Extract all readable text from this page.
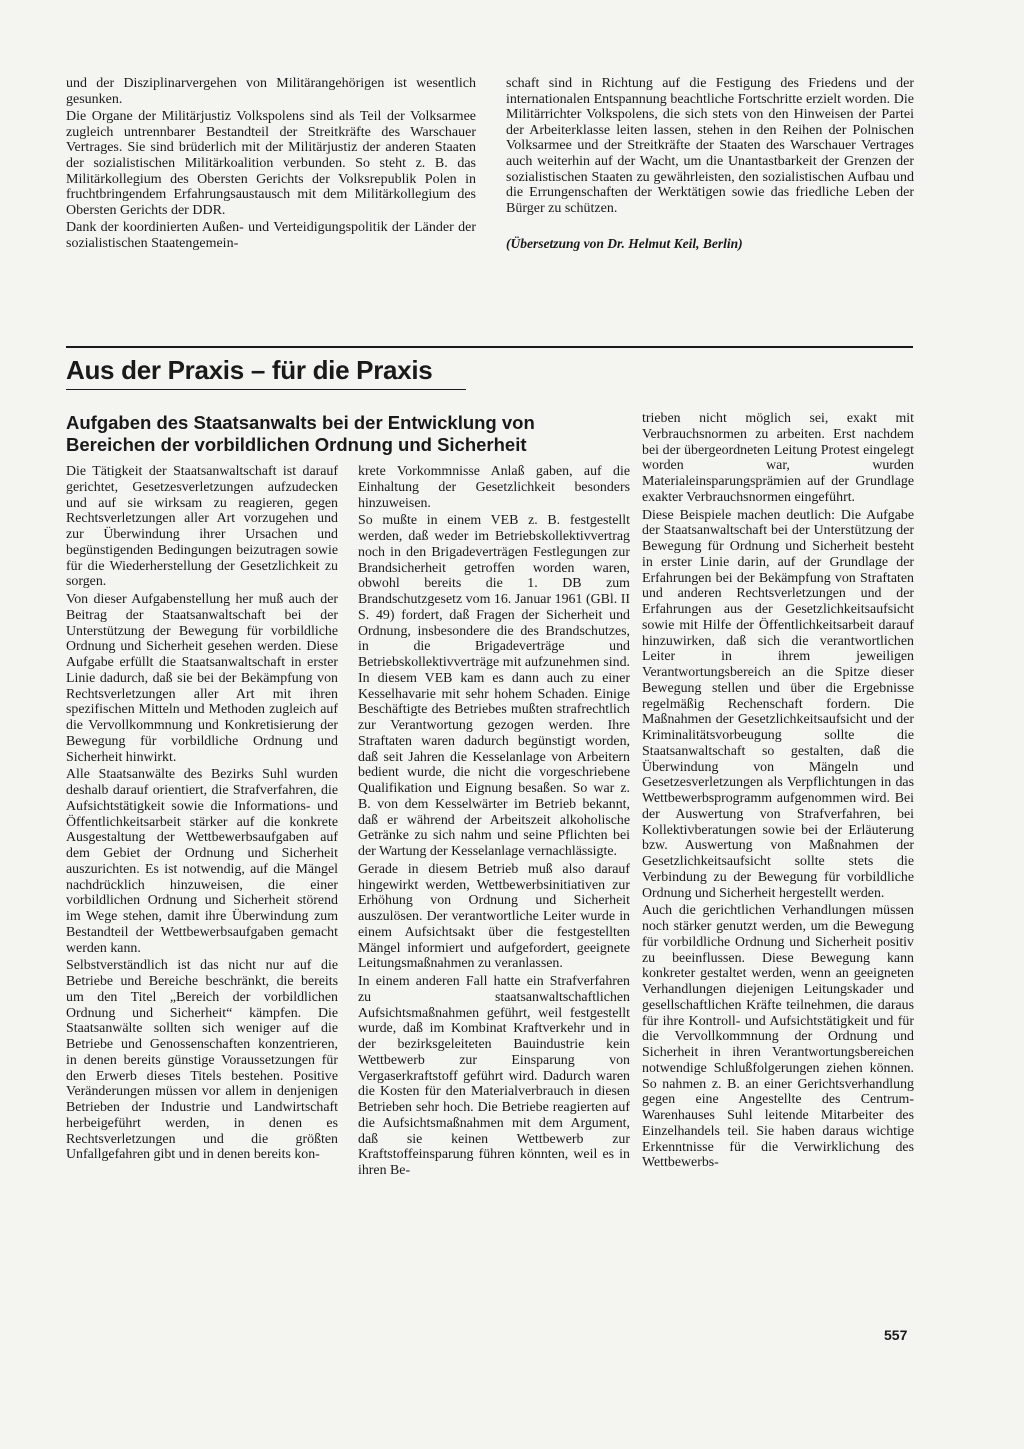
und der Disziplinarvergehen von Militärangehörigen ist wesentlich gesunken.

Die Organe der Militärjustiz Volkspolens sind als Teil der Volksarmee zugleich untrennbarer Bestandteil der Streitkräfte des Warschauer Vertrages. Sie sind brüderlich mit der Militärjustiz der anderen Staaten der sozialistischen Militärkoalition verbunden. So steht z. B. das Militärkollegium des Obersten Gerichts der Volksrepublik Polen in fruchtbringendem Erfahrungsaustausch mit dem Militärkollegium des Obersten Gerichts der DDR.

Dank der koordinierten Außen- und Verteidigungspolitik der Länder der sozialistischen Staatengemein-

schaft sind in Richtung auf die Festigung des Friedens und der internationalen Entspannung beachtliche Fortschritte erzielt worden. Die Militärrichter Volkspolens, die sich stets von den Hinweisen der Partei der Arbeiterklasse leiten lassen, stehen in den Reihen der Polnischen Volksarmee und der Streitkräfte der Staaten des Warschauer Vertrages auch weiterhin auf der Wacht, um die Unantastbarkeit der Grenzen der sozialistischen Staaten zu gewährleisten, den sozialistischen Aufbau und die Errungenschaften der Werktätigen sowie das friedliche Leben der Bürger zu schützen.

(Übersetzung von Dr. Helmut Keil, Berlin)

Aus der Praxis – für die Praxis
Aufgaben des Staatsanwalts bei der Entwicklung von Bereichen der vorbildlichen Ordnung und Sicherheit

Die Tätigkeit der Staatsanwaltschaft ist darauf gerichtet, Gesetzesverletzungen aufzudecken und auf sie wirksam zu reagieren, gegen Rechtsverletzungen aller Art vorzugehen und zur Überwindung ihrer Ursachen und begünstigenden Bedingungen beizutragen sowie für die Wiederherstellung der Gesetzlichkeit zu sorgen.

Von dieser Aufgabenstellung her muß auch der Beitrag der Staatsanwaltschaft bei der Unterstützung der Bewegung für vorbildliche Ordnung und Sicherheit gesehen werden. Diese Aufgabe erfüllt die Staatsanwaltschaft in erster Linie dadurch, daß sie bei der Bekämpfung von Rechtsverletzungen aller Art mit ihren spezifischen Mitteln und Methoden zugleich auf die Vervollkommnung und Konkretisierung der Bewegung für vorbildliche Ordnung und Sicherheit hinwirkt.

Alle Staatsanwälte des Bezirks Suhl wurden deshalb darauf orientiert, die Strafverfahren, die Aufsichtstätigkeit sowie die Informations- und Öffentlichkeitsarbeit stärker auf die konkrete Ausgestaltung der Wettbewerbsaufgaben auf dem Gebiet der Ordnung und Sicherheit auszurichten. Es ist notwendig, auf die Mängel nachdrücklich hinzuweisen, die einer vorbildlichen Ordnung und Sicherheit störend im Wege stehen, damit ihre Überwindung zum Bestandteil der Wettbewerbsaufgaben gemacht werden kann.

Selbstverständlich ist das nicht nur auf die Betriebe und Bereiche beschränkt, die bereits um den Titel „Bereich der vorbildlichen Ordnung und Sicherheit“ kämpfen. Die Staatsanwälte sollten sich weniger auf die Betriebe und Genossenschaften konzentrieren, in denen bereits günstige Voraussetzungen für den Erwerb dieses Titels bestehen. Positive Veränderungen müssen vor allem in denjenigen Betrieben der Industrie und Landwirtschaft herbeigeführt werden, in denen es Rechtsverletzungen und die größten Unfallgefahren gibt und in denen bereits kon-

krete Vorkommnisse Anlaß gaben, auf die Einhaltung der Gesetzlichkeit besonders hinzuweisen.

So mußte in einem VEB z. B. festgestellt werden, daß weder im Betriebskollektivvertrag noch in den Brigadeverträgen Festlegungen zur Brandsicherheit getroffen worden waren, obwohl bereits die 1. DB zum Brandschutzgesetz vom 16. Januar 1961 (GBl. II S. 49) fordert, daß Fragen der Sicherheit und Ordnung, insbesondere die des Brandschutzes, in die Brigadeverträge und Betriebskollektivverträge mit aufzunehmen sind. In diesem VEB kam es dann auch zu einer Kesselhavarie mit sehr hohem Schaden. Einige Beschäftigte des Betriebes mußten strafrechtlich zur Verantwortung gezogen werden. Ihre Straftaten waren dadurch begünstigt worden, daß seit Jahren die Kesselanlage von Arbeitern bedient wurde, die nicht die vorgeschriebene Qualifikation und Eignung besaßen. So war z. B. von dem Kesselwärter im Betrieb bekannt, daß er während der Arbeitszeit alkoholische Getränke zu sich nahm und seine Pflichten bei der Wartung der Kesselanlage vernachlässigte.

Gerade in diesem Betrieb muß also darauf hingewirkt werden, Wettbewerbsinitiativen zur Erhöhung von Ordnung und Sicherheit auszulösen. Der verantwortliche Leiter wurde in einem Aufsichtsakt über die festgestellten Mängel informiert und aufgefordert, geeignete Leitungsmaßnahmen zu veranlassen.

In einem anderen Fall hatte ein Strafverfahren zu staatsanwaltschaftlichen Aufsichtsmaßnahmen geführt, weil festgestellt wurde, daß im Kombinat Kraftverkehr und in der bezirksgeleiteten Bauindustrie kein Wettbewerb zur Einsparung von Vergaserkraftstoff geführt wird. Dadurch waren die Kosten für den Materialverbrauch in diesen Betrieben sehr hoch. Die Betriebe reagierten auf die Aufsichtsmaßnahmen mit dem Argument, daß sie keinen Wettbewerb zur Kraftstoffeinsparung führen könnten, weil es in ihren Be-

trieben nicht möglich sei, exakt mit Verbrauchsnormen zu arbeiten. Erst nachdem bei der übergeordneten Leitung Protest eingelegt worden war, wurden Materialeinsparungsprämien auf der Grundlage exakter Verbrauchsnormen eingeführt.

Diese Beispiele machen deutlich: Die Aufgabe der Staatsanwaltschaft bei der Unterstützung der Bewegung für Ordnung und Sicherheit besteht in erster Linie darin, auf der Grundlage der Erfahrungen bei der Bekämpfung von Straftaten und anderen Rechtsverletzungen und der Erfahrungen aus der Gesetzlichkeitsaufsicht sowie mit Hilfe der Öffentlichkeitsarbeit darauf hinzuwirken, daß sich die verantwortlichen Leiter in ihrem jeweiligen Verantwortungsbereich an die Spitze dieser Bewegung stellen und über die Ergebnisse regelmäßig Rechenschaft fordern. Die Maßnahmen der Gesetzlichkeitsaufsicht und der Kriminalitätsvorbeugung sollte die Staatsanwaltschaft so gestalten, daß die Überwindung von Mängeln und Gesetzesverletzungen als Verpflichtungen in das Wettbewerbsprogramm aufgenommen wird. Bei der Auswertung von Strafverfahren, bei Kollektivberatungen sowie bei der Erläuterung bzw. Auswertung von Maßnahmen der Gesetzlichkeitsaufsicht sollte stets die Verbindung zu der Bewegung für vorbildliche Ordnung und Sicherheit hergestellt werden.

Auch die gerichtlichen Verhandlungen müssen noch stärker genutzt werden, um die Bewegung für vorbildliche Ordnung und Sicherheit positiv zu beeinflussen. Diese Bewegung kann konkreter gestaltet werden, wenn an geeigneten Verhandlungen diejenigen Leitungskader und gesellschaftlichen Kräfte teilnehmen, die daraus für ihre Kontroll- und Aufsichtstätigkeit und für die Vervollkommnung der Ordnung und Sicherheit in ihren Verantwortungsbereichen notwendige Schlußfolgerungen ziehen können. So nahmen z. B. an einer Gerichtsverhandlung gegen eine Angestellte des Centrum-Warenhauses Suhl leitende Mitarbeiter des Einzelhandels teil. Sie haben daraus wichtige Erkenntnisse für die Verwirklichung des Wettbewerbs-

557
